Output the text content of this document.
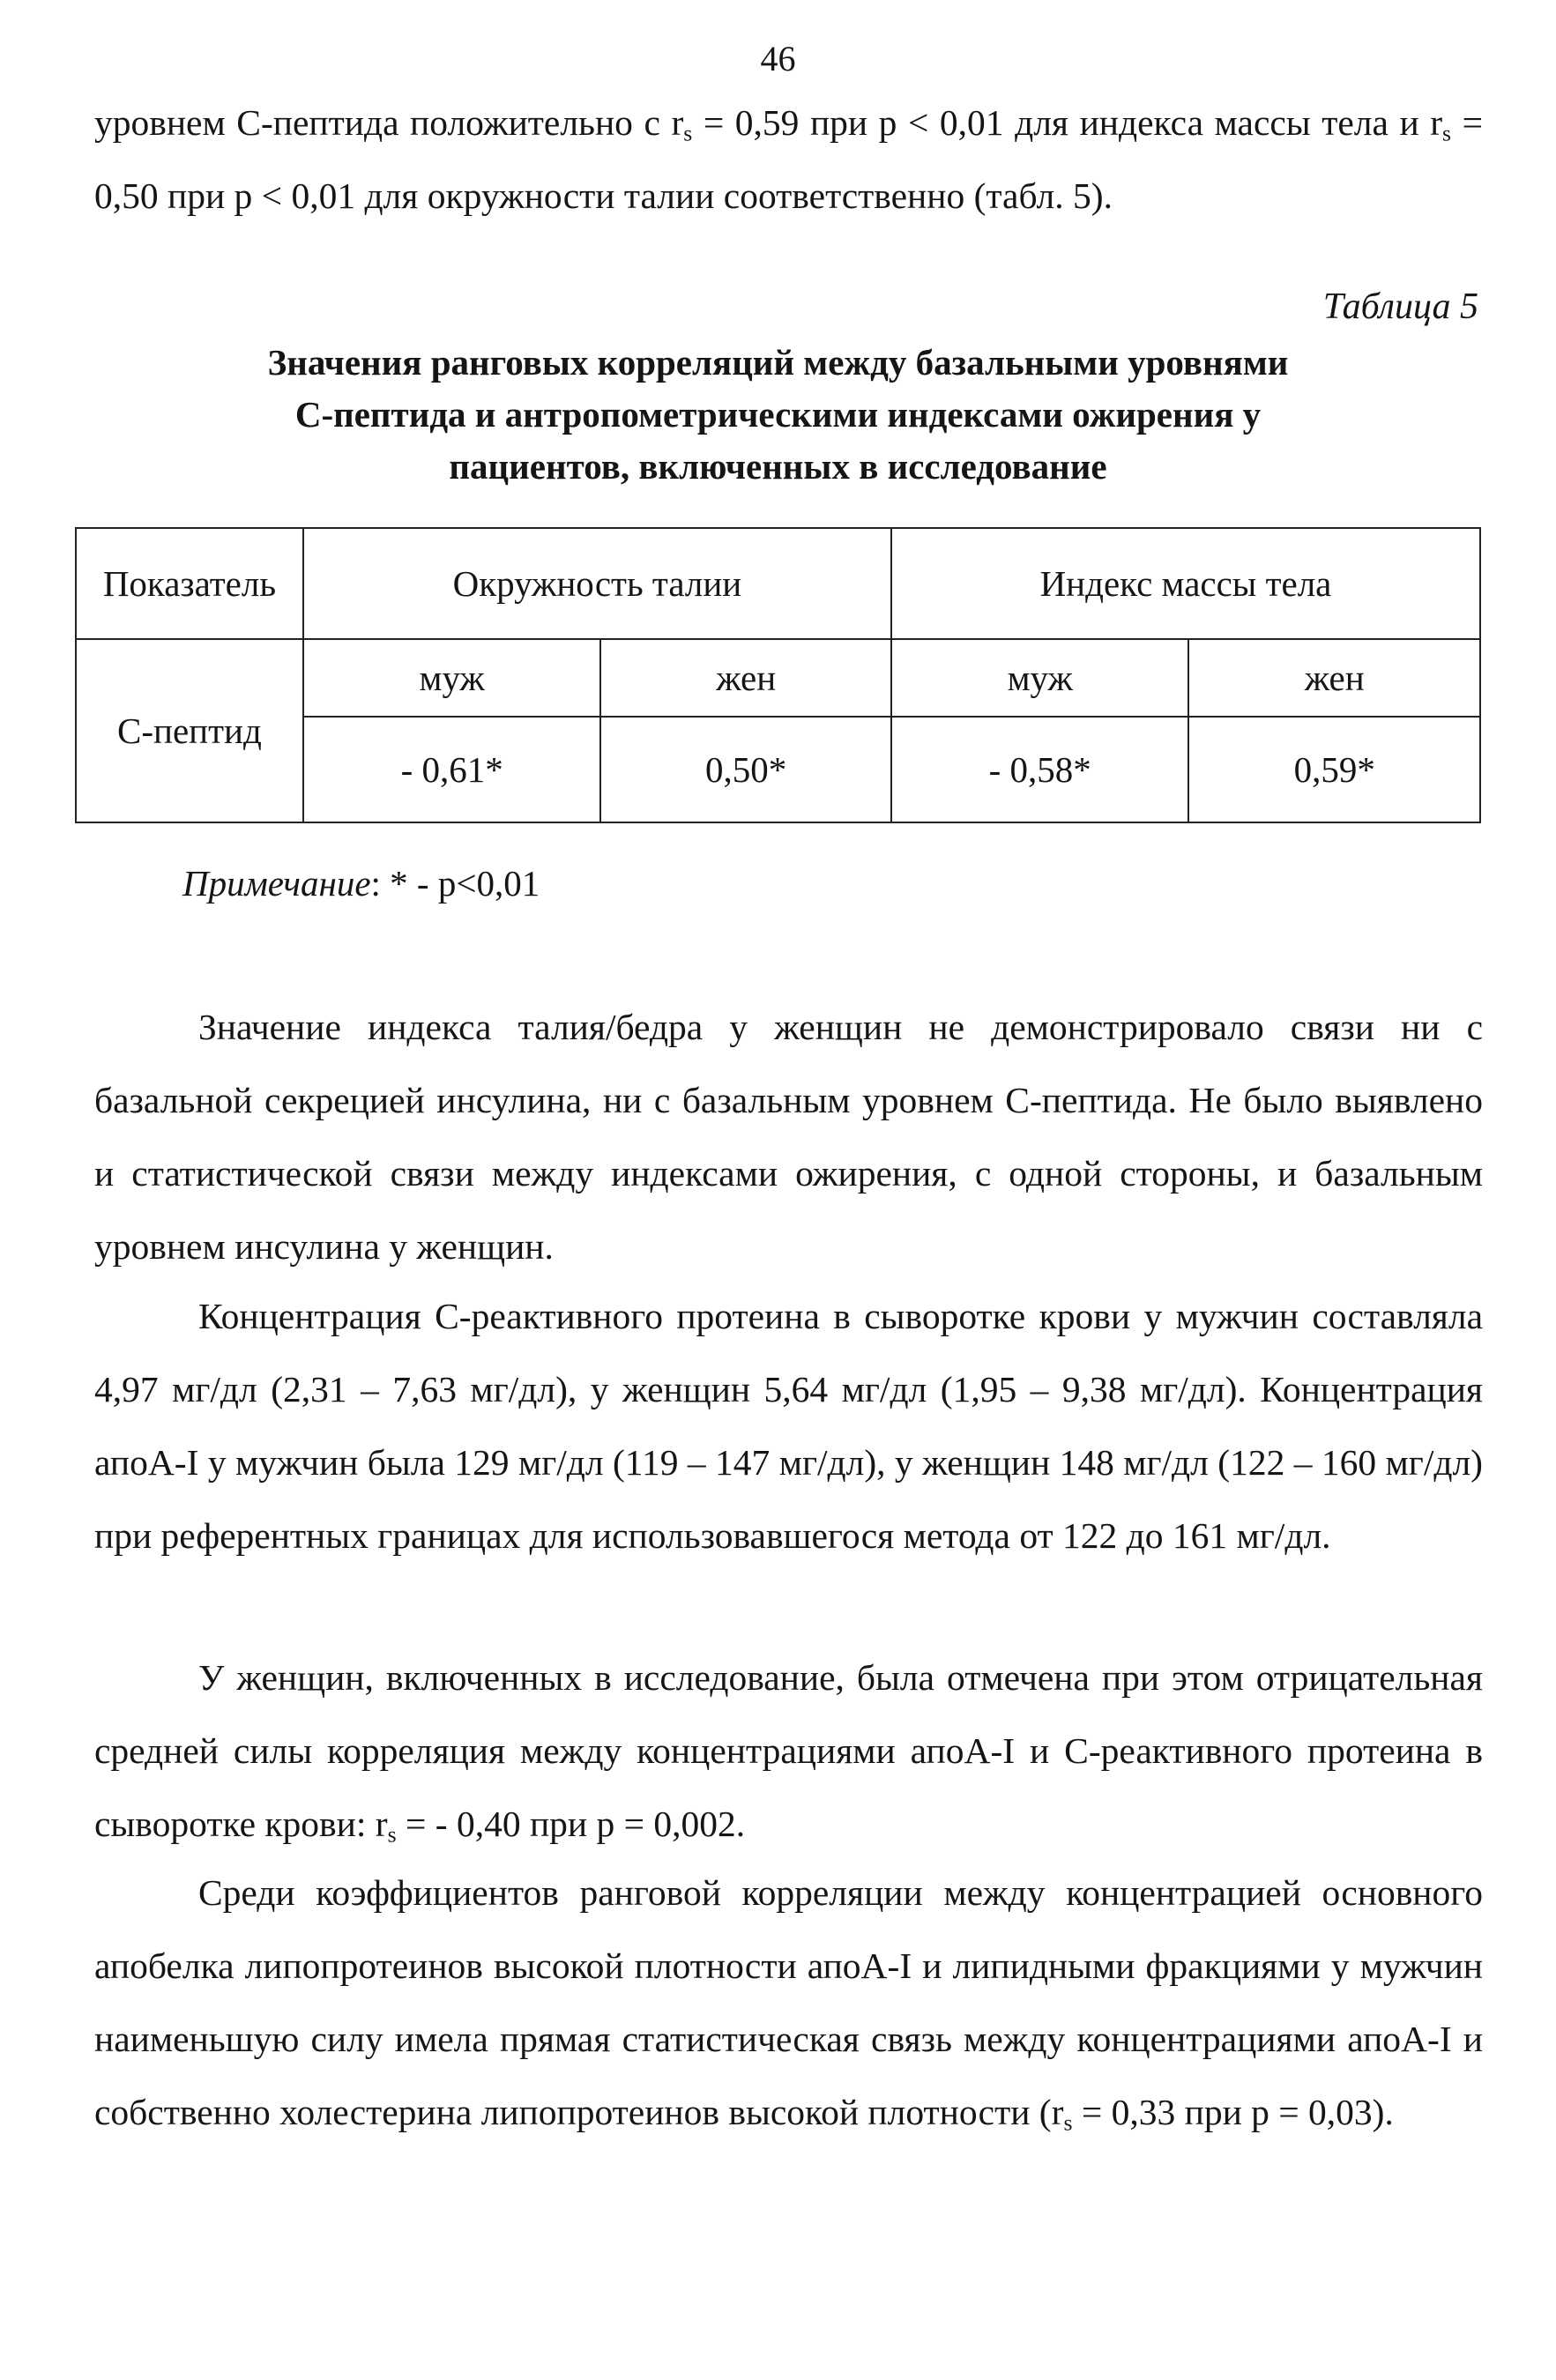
46

уровнем С-пептида положительно с $r_s = 0,59$ при p < 0,01 для индекса массы тела и $r_s = 0,50$ при p < 0,01 для окружности талии соответственно (табл. 5).

Таблица 5
Значения ранговых корреляций между базальными уровнями
С-пептида и антропометрическими индексами ожирения у
пациентов, включенных в исследование
Показатель	Окружность талии		Индекс массы тела	
С-пептид	муж	жен	муж	жен
	- 0,61*	0,50*	- 0,58*	0,59*
Примечание: * - p<0,01

Значение индекса талия/бедра у женщин не демонстрировало связи ни с базальной секрецией инсулина, ни с базальным уровнем С-пептида. Не было выявлено и статистической связи между индексами ожирения, с одной стороны, и базальным уровнем инсулина у женщин.

Концентрация С-реактивного протеина в сыворотке крови у мужчин составляла 4,97 мг/дл (2,31 – 7,63 мг/дл), у женщин 5,64 мг/дл (1,95 – 9,38 мг/дл). Концентрация апоА-I у мужчин была 129 мг/дл (119 – 147 мг/дл), у женщин 148 мг/дл (122 – 160 мг/дл) при референтных границах для использовавшегося метода от 122 до 161 мг/дл.

У женщин, включенных в исследование, была отмечена при этом отрицательная средней силы корреляция между концентрациями апоА-I и С-реактивного протеина в сыворотке крови: $r_s$ = - 0,40 при p = 0,002.

Среди коэффициентов ранговой корреляции между концентрацией основного апобелка липопротеинов высокой плотности апоА-I и липидными фракциями у мужчин наименьшую силу имела прямая статистическая связь между концентрациями апоА-I и собственно холестерина липопротеинов высокой плотности ($r_s = 0,33$ при p = 0,03).
